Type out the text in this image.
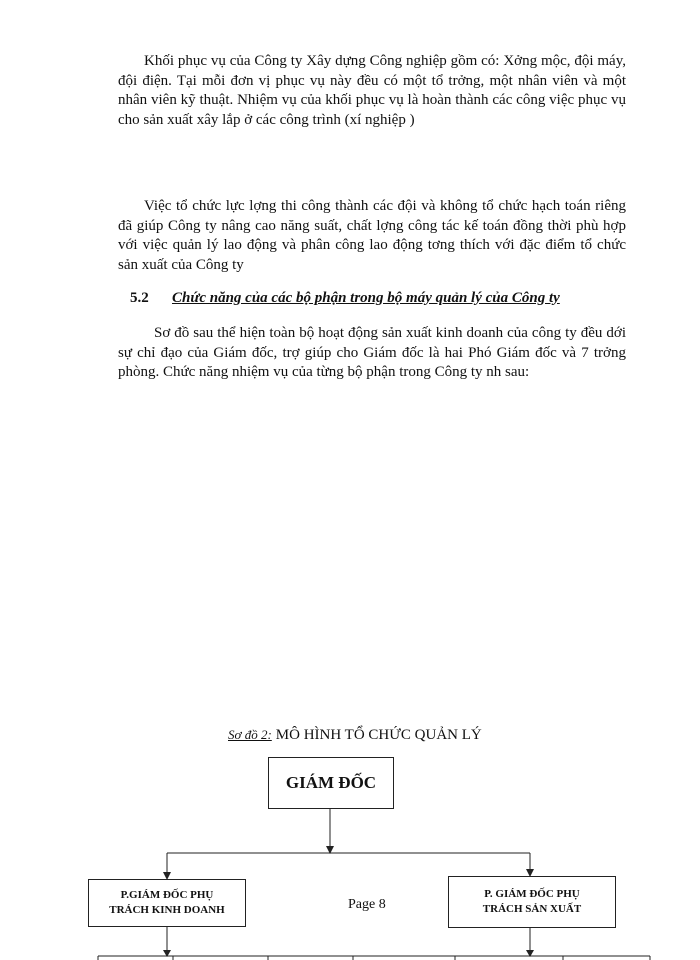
Khối phục vụ của Công ty Xây dựng Công nghiệp gồm có: Xởng mộc, đội máy, đội điện. Tại mỗi đơn vị phục vụ này đều có một tổ trởng, một nhân viên và một nhân viên kỹ thuật. Nhiệm vụ của khối phục vụ là hoàn thành các công việc phục vụ cho sản xuất xây lắp ở các công trình (xí nghiệp )

Việc tổ chức lực lợng thi công thành các đội và không tổ chức hạch toán riêng đã giúp Công ty nâng cao năng suất, chất lợng công tác kế toán đồng thời phù hợp với việc quản lý lao động và phân công lao động tơng thích với đặc điểm tổ chức sản xuất của Công ty

5.2 Chức năng của các bộ phận trong bộ máy quản lý của Công ty

Sơ đồ sau thể hiện toàn bộ hoạt động sản xuất kinh doanh của công ty đều dới sự chỉ đạo của Giám đốc, trợ giúp cho Giám đốc là hai Phó Giám đốc và 7 trởng phòng. Chức năng nhiệm vụ của từng bộ phận trong Công ty nh sau:

Sơ đồ 2: MÔ HÌNH TỔ CHỨC QUẢN LÝ
GIÁM ĐỐC
P.GIÁM ĐỐC PHỤ
TRÁCH KINH DOANH
P. GIÁM ĐỐC PHỤ
TRÁCH SẢN XUẤT
Page 8
